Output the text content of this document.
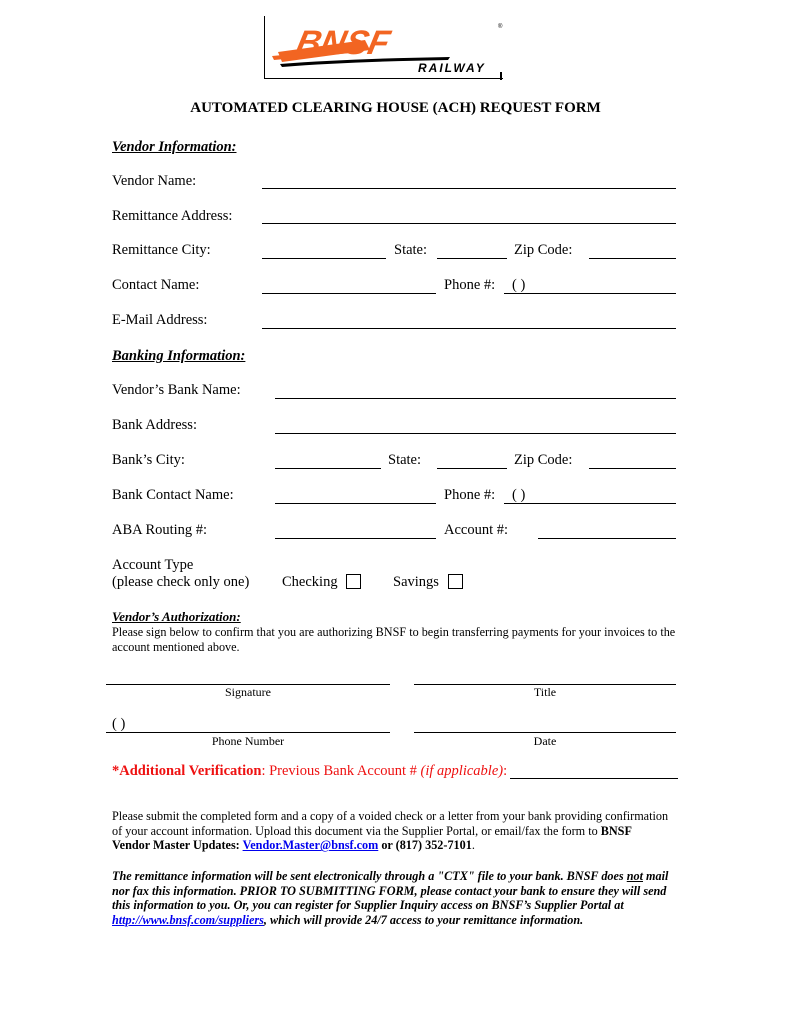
BNSF
RAILWAY
®
AUTOMATED CLEARING HOUSE (ACH) REQUEST FORM
Vendor Information:
Vendor Name:
Remittance Address:
Remittance City:	State:	Zip Code:
Contact Name:	Phone #: ( )
E-Mail Address:
Banking Information:
Vendor’s Bank Name:
Bank Address:
Bank’s City:	State:	Zip Code:
Bank Contact Name:	Phone #: ( )
ABA Routing #:	Account #:
Account Type
(please check only one) Checking	Savings
Vendor’s Authorization:
Please sign below to confirm that you are authorizing BNSF to begin transferring payments for your invoices to the account mentioned above.
Signature	Title
( )
Phone Number	Date
*Additional Verification: Previous Bank Account # (if applicable):
Please submit the completed form and a copy of a voided check or a letter from your bank providing confirmation of your account information. Upload this document via the Supplier Portal, or email/fax the form to BNSF Vendor Master Updates: Vendor.Master@bnsf.com or (817) 352-7101.
The remittance information will be sent electronically through a "CTX" file to your bank. BNSF does not mail nor fax this information. PRIOR TO SUBMITTING FORM, please contact your bank to ensure they will send this information to you. Or, you can register for Supplier Inquiry access on BNSF’s Supplier Portal at http://www.bnsf.com/suppliers, which will provide 24/7 access to your remittance information.
